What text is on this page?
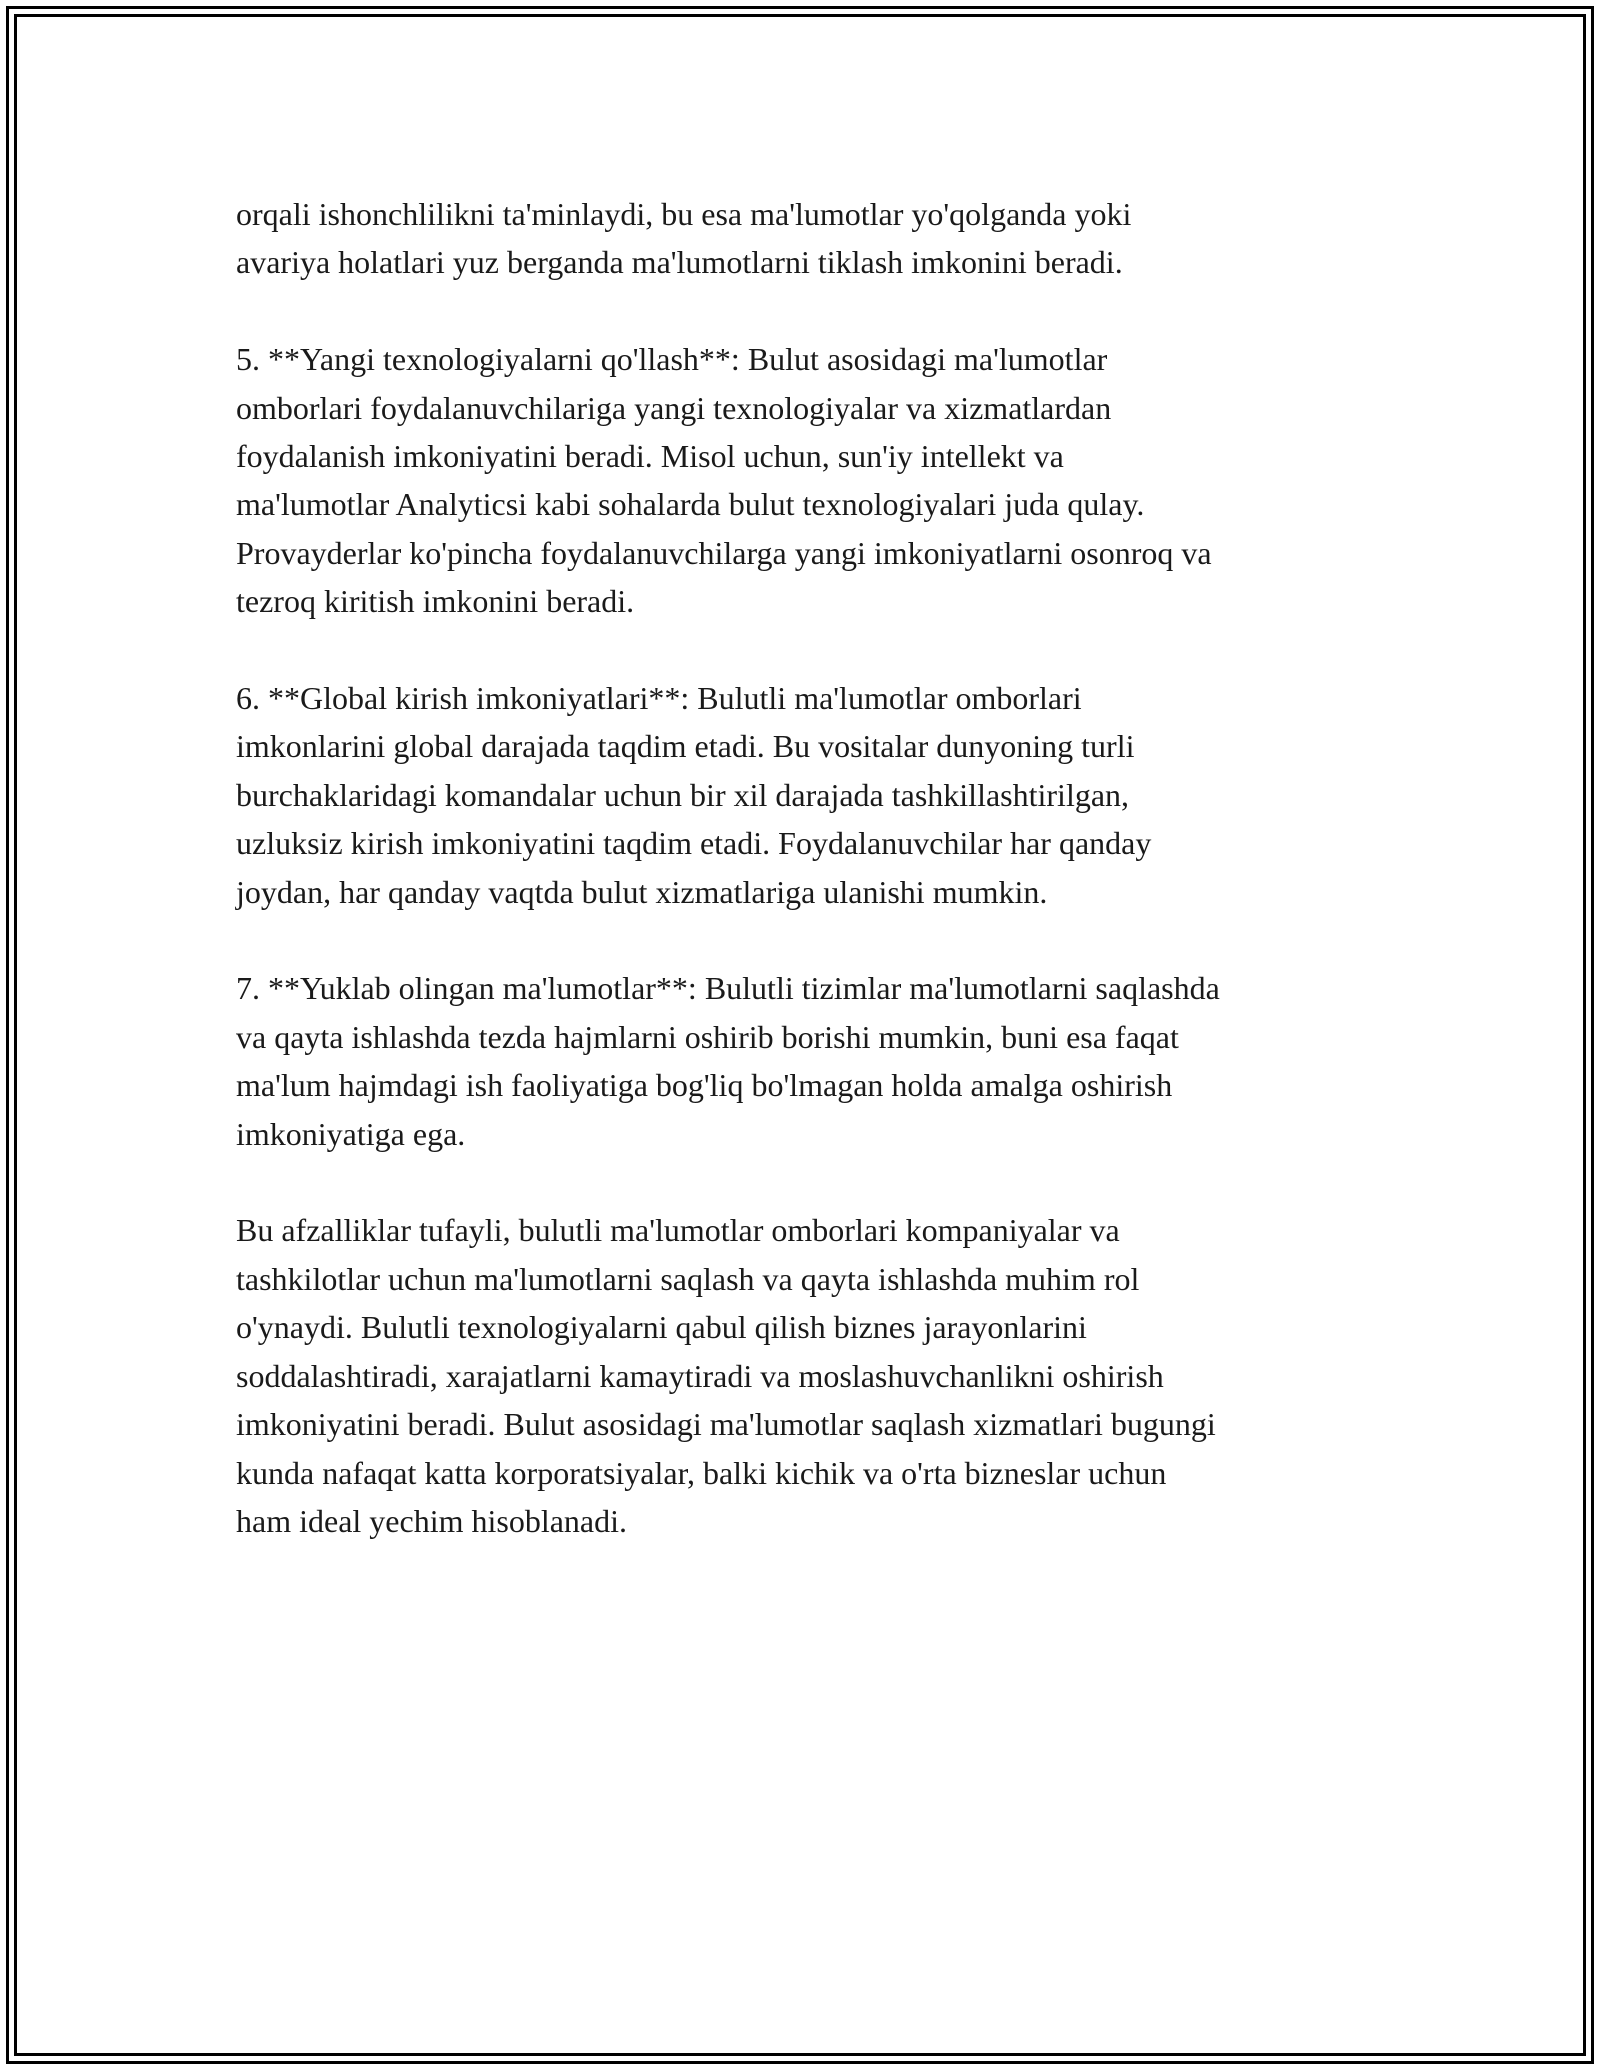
orqali ishonchlilikni ta'minlaydi, bu esa ma'lumotlar yo'qolganda yoki
avariya holatlari yuz berganda ma'lumotlarni tiklash imkonini beradi.

5. **Yangi texnologiyalarni qo'llash**: Bulut asosidagi ma'lumotlar
omborlari foydalanuvchilariga yangi texnologiyalar va xizmatlardan
foydalanish imkoniyatini beradi. Misol uchun, sun'iy intellekt va
ma'lumotlar Analyticsi kabi sohalarda bulut texnologiyalari juda qulay.
Provayderlar ko'pincha foydalanuvchilarga yangi imkoniyatlarni osonroq va
tezroq kiritish imkonini beradi.

6. **Global kirish imkoniyatlari**: Bulutli ma'lumotlar omborlari
imkonlarini global darajada taqdim etadi. Bu vositalar dunyoning turli
burchaklaridagi komandalar uchun bir xil darajada tashkillashtirilgan,
uzluksiz kirish imkoniyatini taqdim etadi. Foydalanuvchilar har qanday
joydan, har qanday vaqtda bulut xizmatlariga ulanishi mumkin.

7. **Yuklab olingan ma'lumotlar**: Bulutli tizimlar ma'lumotlarni saqlashda
va qayta ishlashda tezda hajmlarni oshirib borishi mumkin, buni esa faqat
ma'lum hajmdagi ish faoliyatiga bog'liq bo'lmagan holda amalga oshirish
imkoniyatiga ega.

Bu afzalliklar tufayli, bulutli ma'lumotlar omborlari kompaniyalar va
tashkilotlar uchun ma'lumotlarni saqlash va qayta ishlashda muhim rol
o'ynaydi. Bulutli texnologiyalarni qabul qilish biznes jarayonlarini
soddalashtiradi, xarajatlarni kamaytiradi va moslashuvchanlikni oshirish
imkoniyatini beradi. Bulut asosidagi ma'lumotlar saqlash xizmatlari bugungi
kunda nafaqat katta korporatsiyalar, balki kichik va o'rta bizneslar uchun
ham ideal yechim hisoblanadi.
